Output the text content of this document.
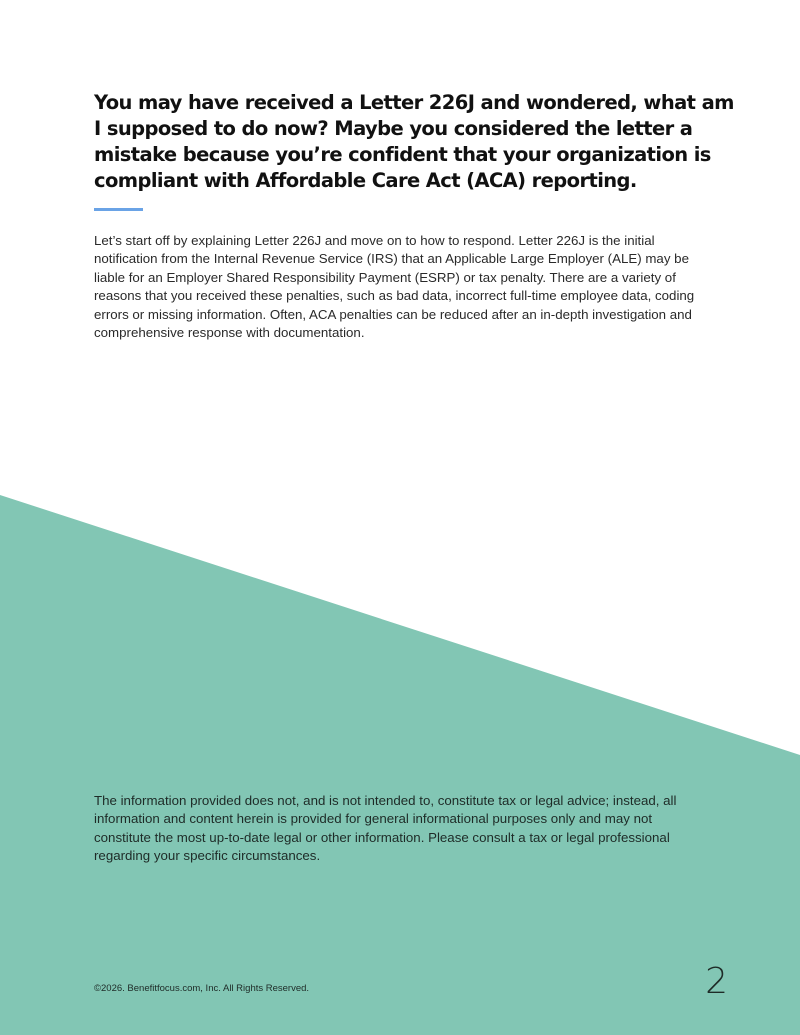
You may have received a Letter 226J and wondered, what am I supposed to do now? Maybe you considered the letter a mistake because you’re confident that your organization is compliant with Affordable Care Act (ACA) reporting.

Let’s start off by explaining Letter 226J and move on to how to respond. Letter 226J is the initial notification from the Internal Revenue Service (IRS) that an Applicable Large Employer (ALE) may be liable for an Employer Shared Responsibility Payment (ESRP) or tax penalty. There are a variety of reasons that you received these penalties, such as bad data, incorrect full-time employee data, coding errors or missing information. Often, ACA penalties can be reduced after an in-depth investigation and comprehensive response with documentation.

The information provided does not, and is not intended to, constitute tax or legal advice; instead, all information and content herein is provided for general informational purposes only and may not constitute the most up-to-date legal or other information. Please consult a tax or legal professional regarding your specific circumstances.

©2026. Benefitfocus.com, Inc. All Rights Reserved.	2
